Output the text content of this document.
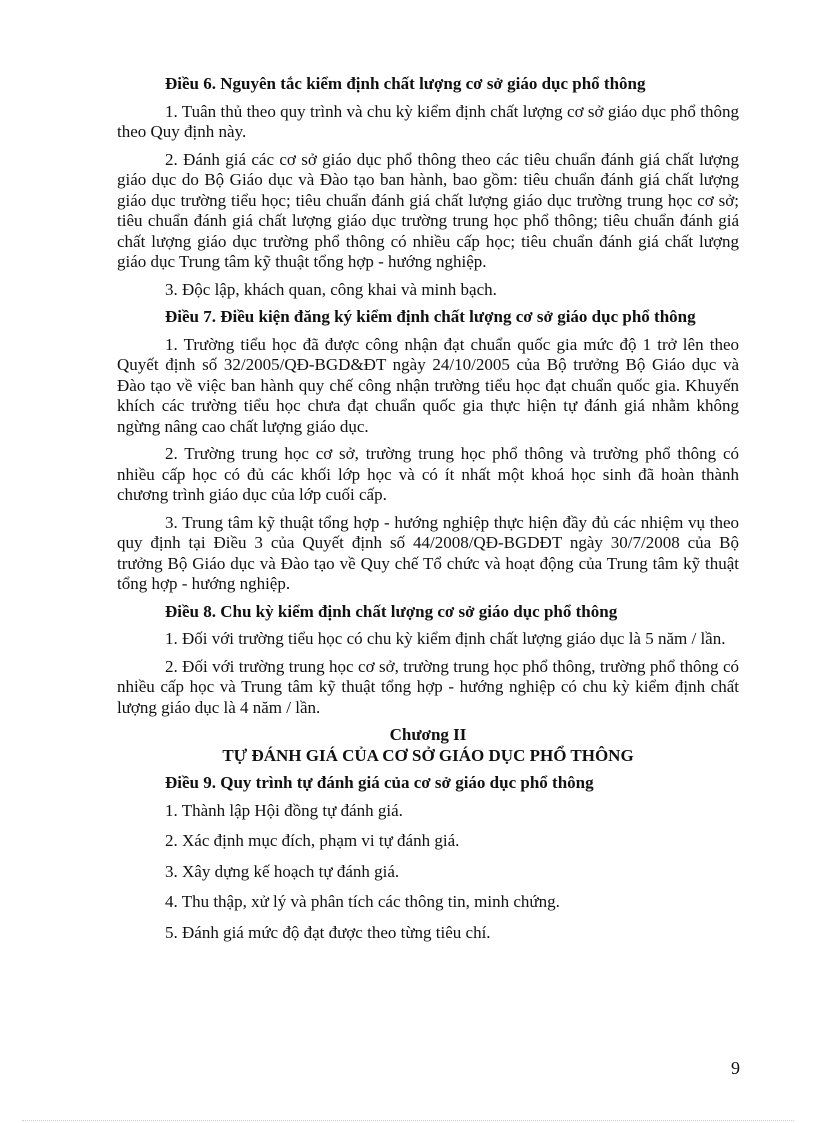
Điều 6. Nguyên tắc kiểm định chất lượng cơ sở giáo dục phổ thông

1. Tuân thủ theo quy trình và chu kỳ kiểm định chất lượng cơ sở giáo dục phổ thông theo Quy định này.

2. Đánh giá các cơ sở giáo dục phổ thông theo các tiêu chuẩn đánh giá chất lượng giáo dục do Bộ Giáo dục và Đào tạo ban hành, bao gồm: tiêu chuẩn đánh giá chất lượng giáo dục trường tiểu học; tiêu chuẩn đánh giá chất lượng giáo dục trường trung học cơ sở; tiêu chuẩn đánh giá chất lượng giáo dục trường trung học phổ thông; tiêu chuẩn đánh giá chất lượng giáo dục trường phổ thông có nhiều cấp học; tiêu chuẩn đánh giá chất lượng giáo dục Trung tâm kỹ thuật tổng hợp - hướng nghiệp.

3. Độc lập, khách quan, công khai và minh bạch.

Điều 7. Điều kiện đăng ký kiểm định chất lượng cơ sở giáo dục phổ thông

1. Trường tiểu học đã được công nhận đạt chuẩn quốc gia mức độ 1 trở lên theo Quyết định số 32/2005/QĐ-BGD&ĐT ngày 24/10/2005 của Bộ trưởng Bộ Giáo dục và Đào tạo về việc ban hành quy chế công nhận trường tiểu học đạt chuẩn quốc gia. Khuyến khích các trường tiểu học chưa đạt chuẩn quốc gia thực hiện tự đánh giá nhằm không ngừng nâng cao chất lượng giáo dục.

2. Trường trung học cơ sở, trường trung học phổ thông và trường phổ thông có nhiều cấp học có đủ các khối lớp học và có ít nhất một khoá học sinh đã hoàn thành chương trình giáo dục của lớp cuối cấp.

3. Trung tâm kỹ thuật tổng hợp - hướng nghiệp thực hiện đầy đủ các nhiệm vụ theo quy định tại Điều 3 của Quyết định số 44/2008/QĐ-BGDĐT ngày 30/7/2008 của Bộ trưởng Bộ Giáo dục và Đào tạo về Quy chế Tổ chức và hoạt động của Trung tâm kỹ thuật tổng hợp - hướng nghiệp.

Điều 8. Chu kỳ kiểm định chất lượng cơ sở giáo dục phổ thông

1. Đối với trường tiểu học có chu kỳ kiểm định chất lượng giáo dục là 5 năm / lần.

2. Đối với trường trung học cơ sở, trường trung học phổ thông, trường phổ thông có nhiều cấp học và Trung tâm kỹ thuật tổng hợp - hướng nghiệp có chu kỳ kiểm định chất lượng giáo dục là 4 năm / lần.

Chương II

TỰ ĐÁNH GIÁ CỦA CƠ SỞ GIÁO DỤC PHỔ THÔNG

Điều 9. Quy trình tự đánh giá của cơ sở giáo dục phổ thông

1. Thành lập Hội đồng tự đánh giá.

2. Xác định mục đích, phạm vi tự đánh giá.

3. Xây dựng kế hoạch tự đánh giá.

4. Thu thập, xử lý và phân tích các thông tin, minh chứng.

5. Đánh giá mức độ đạt được theo từng tiêu chí.

9
